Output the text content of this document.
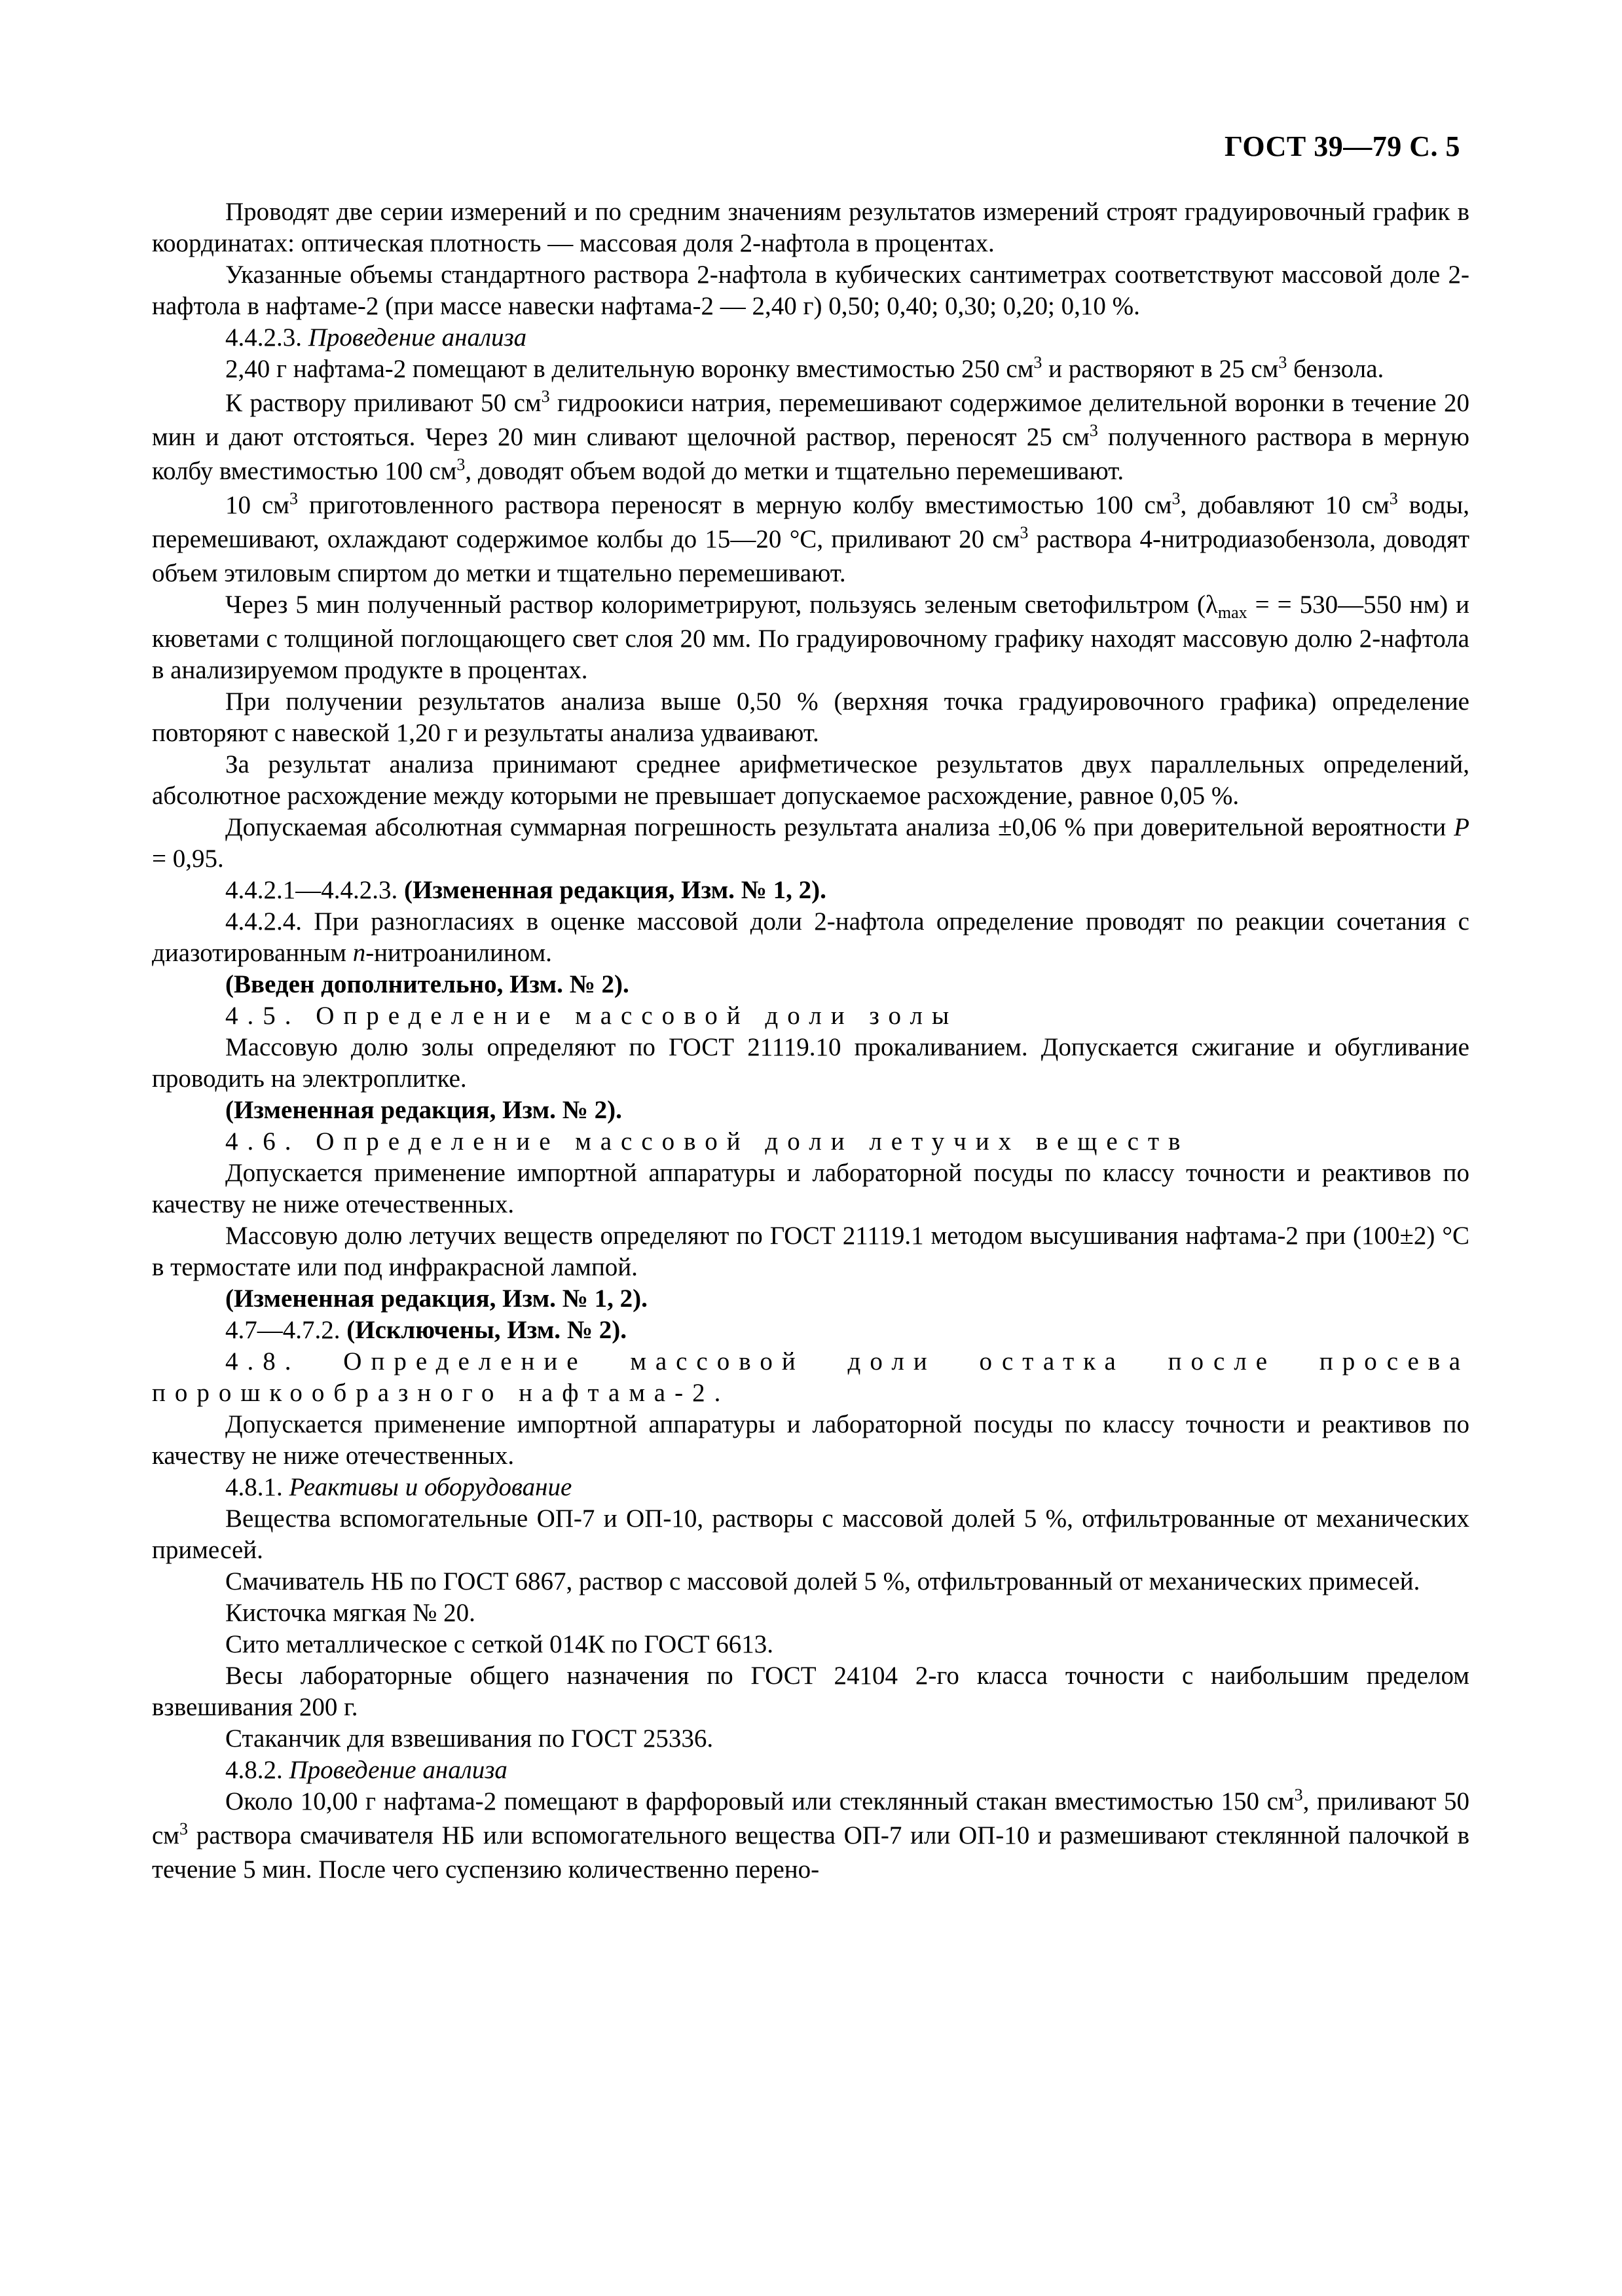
ГОСТ 39—79 С. 5

Проводят две серии измерений и по средним значениям результатов измерений строят градуировочный график в координатах: оптическая плотность — массовая доля 2-нафтола в процентах.

Указанные объемы стандартного раствора 2-нафтола в кубических сантиметрах соответствуют массовой доле 2-нафтола в нафтаме-2 (при массе навески нафтама-2 — 2,40 г) 0,50; 0,40; 0,30; 0,20; 0,10 %.

4.4.2.3. Проведение анализа

2,40 г нафтама-2 помещают в делительную воронку вместимостью 250 $см^3$ и растворяют в 25 $см^3$ бензола.

К раствору приливают 50 $см^3$ гидроокиси натрия, перемешивают содержимое делительной воронки в течение 20 мин и дают отстояться. Через 20 мин сливают щелочной раствор, переносят 25 $см^3$ полученного раствора в мерную колбу вместимостью 100 $см^3$, доводят объем водой до метки и тщательно перемешивают.

10 $см^3$ приготовленного раствора переносят в мерную колбу вместимостью 100 $см^3$, добавляют 10 $см^3$ воды, перемешивают, охлаждают содержимое колбы до 15—20 °С, приливают 20 $см^3$ раствора 4-нитродиазобензола, доводят объем этиловым спиртом до метки и тщательно перемешивают.

Через 5 мин полученный раствор колориметрируют, пользуясь зеленым светофильтром ($\lambda_{max}$ = = 530—550 нм) и кюветами с толщиной поглощающего свет слоя 20 мм. По градуировочному графику находят массовую долю 2-нафтола в анализируемом продукте в процентах.

При получении результатов анализа выше 0,50 % (верхняя точка градуировочного графика) определение повторяют с навеской 1,20 г и результаты анализа удваивают.

За результат анализа принимают среднее арифметическое результатов двух параллельных определений, абсолютное расхождение между которыми не превышает допускаемое расхождение, равное 0,05 %.

Допускаемая абсолютная суммарная погрешность результата анализа ±0,06 % при доверительной вероятности Р = 0,95.

4.4.2.1—4.4.2.3. (Измененная редакция, Изм. № 1, 2).

4.4.2.4. При разногласиях в оценке массовой доли 2-нафтола определение проводят по реакции сочетания с диазотированным n-нитроанилином.

(Введен дополнительно, Изм. № 2).

4.5. Определение массовой доли золы

Массовую долю золы определяют по ГОСТ 21119.10 прокаливанием. Допускается сжигание и обугливание проводить на электроплитке.

(Измененная редакция, Изм. № 2).

4.6. Определение массовой доли летучих веществ

Допускается применение импортной аппаратуры и лабораторной посуды по классу точности и реактивов по качеству не ниже отечественных.

Массовую долю летучих веществ определяют по ГОСТ 21119.1 методом высушивания нафтама-2 при (100±2) °С в термостате или под инфракрасной лампой.

(Измененная редакция, Изм. № 1, 2).

4.7—4.7.2. (Исключены, Изм. № 2).

4.8. Определение массовой доли остатка после просева порошкообразного нафтама-2.

Допускается применение импортной аппаратуры и лабораторной посуды по классу точности и реактивов по качеству не ниже отечественных.

4.8.1. Реактивы и оборудование

Вещества вспомогательные ОП-7 и ОП-10, растворы с массовой долей 5 %, отфильтрованные от механических примесей.

Смачиватель НБ по ГОСТ 6867, раствор с массовой долей 5 %, отфильтрованный от механических примесей.

Кисточка мягкая № 20.

Сито металлическое с сеткой 014К по ГОСТ 6613.

Весы лабораторные общего назначения по ГОСТ 24104 2-го класса точности с наибольшим пределом взвешивания 200 г.

Стаканчик для взвешивания по ГОСТ 25336.

4.8.2. Проведение анализа

Около 10,00 г нафтама-2 помещают в фарфоровый или стеклянный стакан вместимостью 150 $см^3$, приливают 50 $см^3$ раствора смачивателя НБ или вспомогательного вещества ОП-7 или ОП-10 и размешивают стеклянной палочкой в течение 5 мин. После чего суспензию количественно перено-
